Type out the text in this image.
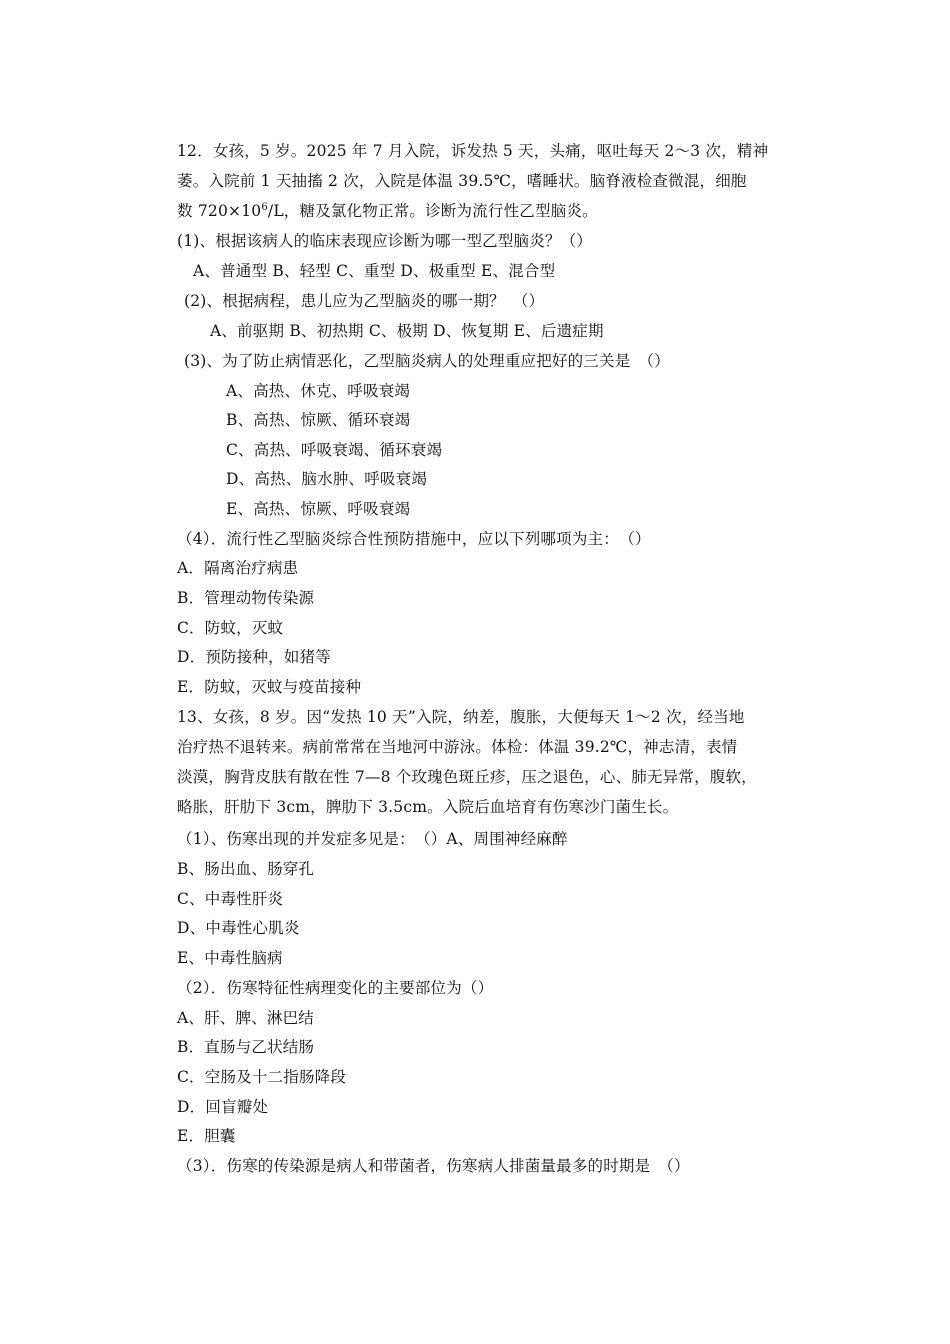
12．女孩，5 岁。2025 年 7 月入院，诉发热 5 天，头痛，呕吐每天 2～3 次，精神
萎。入院前 1 天抽搐 2 次，入院是体温 39.5℃，嗜睡状。脑脊液检查微混，细胞
数 $720\times 10^6/L$，糖及氯化物正常。诊断为流行性乙型脑炎。
(1)、根据该病人的临床表现应诊断为哪一型乙型脑炎？（）
A、普通型 B、轻型 C、重型 D、极重型 E、混合型
(2)、根据病程，患儿应为乙型脑炎的哪一期？　（）
A、前驱期 B、初热期 C、极期 D、恢复期 E、后遗症期
(3)、为了防止病情恶化，乙型脑炎病人的处理重应把好的三关是　（）
A、高热、休克、呼吸衰竭
B、高热、惊厥、循环衰竭
C、高热、呼吸衰竭、循环衰竭
D、高热、脑水肿、呼吸衰竭
E、高热、惊厥、呼吸衰竭
（4）．流行性乙型脑炎综合性预防措施中，应以下列哪项为主：　（）
A．隔离治疗病患
B．管理动物传染源
C．防蚊，灭蚊
D．预防接种，如猪等
E．防蚊，灭蚊与疫苗接种
13、女孩，8 岁。因“发热 10 天”入院，纳差，腹胀，大便每天 1～2 次，经当地
治疗热不退转来。病前常常在当地河中游泳。体检：体温 39.2℃，神志清，表情
淡漠，胸背皮肤有散在性 7—8 个玫瑰色斑丘疹，压之退色，心、肺无异常，腹软，
略胀，肝肋下 3cm，脾肋下 3.5cm。入院后血培育有伤寒沙门菌生长。
（1）、伤寒出现的并发症多见是：　（）A、周围神经麻醉
B、肠出血、肠穿孔
C、中毒性肝炎
D、中毒性心肌炎
E、中毒性脑病
（2）．伤寒特征性病理变化的主要部位为（）
A、肝、脾、淋巴结
B．直肠与乙状结肠
C．空肠及十二指肠降段
D．回盲瓣处
E．胆囊
（3）．伤寒的传染源是病人和带菌者，伤寒病人排菌量最多的时期是　（）
